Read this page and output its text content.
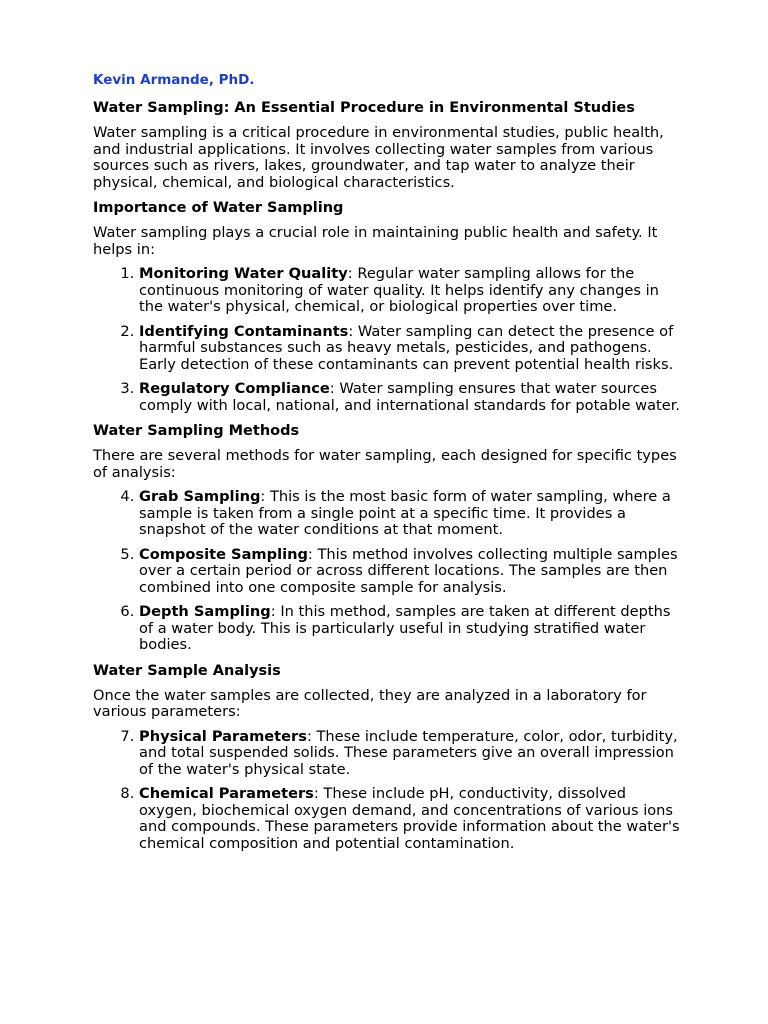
Kevin Armande, PhD.
Water Sampling: An Essential Procedure in Environmental Studies
Water sampling is a critical procedure in environmental studies, public health, and industrial applications. It involves collecting water samples from various sources such as rivers, lakes, groundwater, and tap water to analyze their physical, chemical, and biological characteristics.
Importance of Water Sampling
Water sampling plays a crucial role in maintaining public health and safety. It helps in:
1. Monitoring Water Quality: Regular water sampling allows for the continuous monitoring of water quality. It helps identify any changes in the water's physical, chemical, or biological properties over time.
2. Identifying Contaminants: Water sampling can detect the presence of harmful substances such as heavy metals, pesticides, and pathogens. Early detection of these contaminants can prevent potential health risks.
3. Regulatory Compliance: Water sampling ensures that water sources comply with local, national, and international standards for potable water.
Water Sampling Methods
There are several methods for water sampling, each designed for specific types of analysis:
4. Grab Sampling: This is the most basic form of water sampling, where a sample is taken from a single point at a specific time. It provides a snapshot of the water conditions at that moment.
5. Composite Sampling: This method involves collecting multiple samples over a certain period or across different locations. The samples are then combined into one composite sample for analysis.
6. Depth Sampling: In this method, samples are taken at different depths of a water body. This is particularly useful in studying stratified water bodies.
Water Sample Analysis
Once the water samples are collected, they are analyzed in a laboratory for various parameters:
7. Physical Parameters: These include temperature, color, odor, turbidity, and total suspended solids. These parameters give an overall impression of the water's physical state.
8. Chemical Parameters: These include pH, conductivity, dissolved oxygen, biochemical oxygen demand, and concentrations of various ions and compounds. These parameters provide information about the water's chemical composition and potential contamination.
